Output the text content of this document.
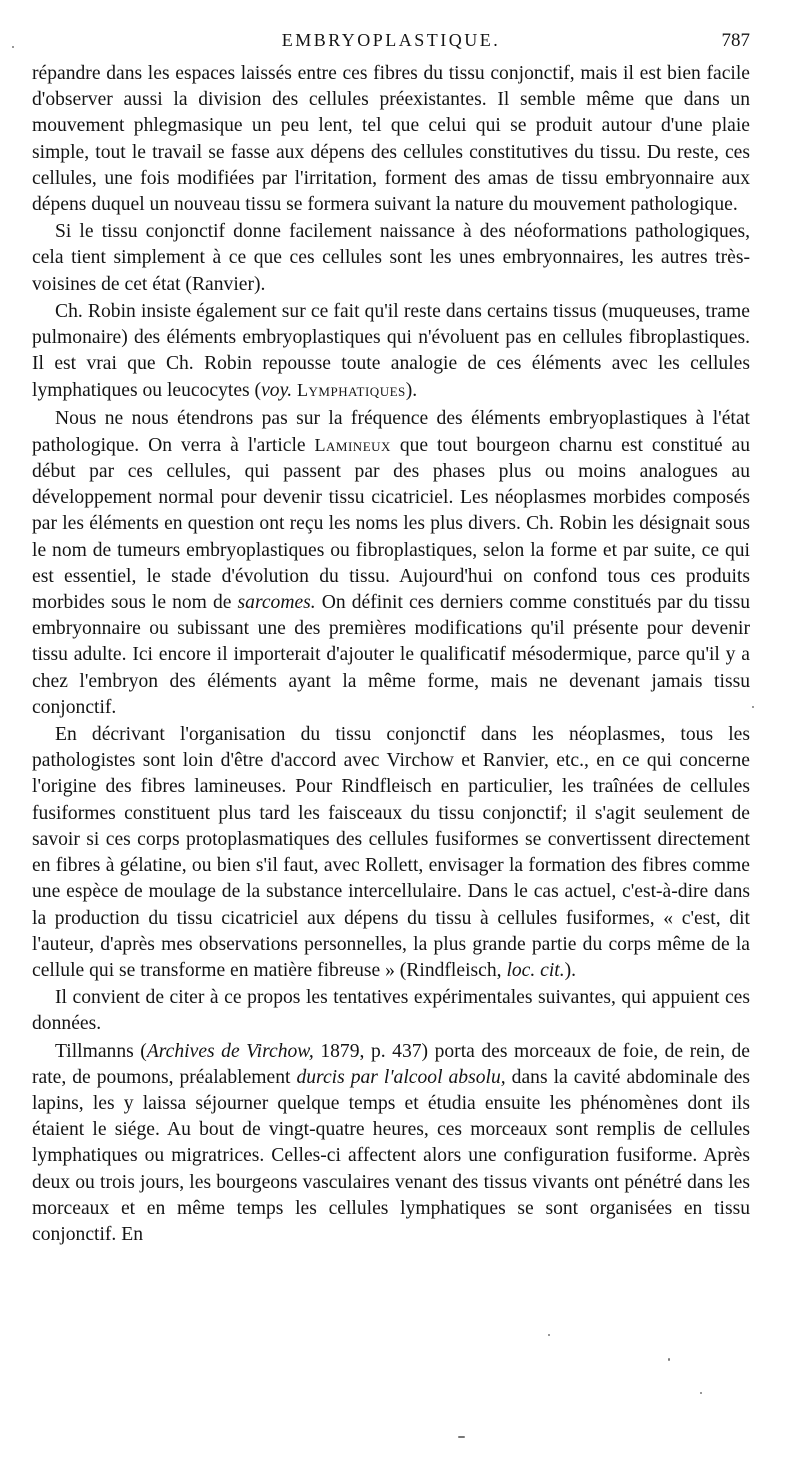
EMBRYOPLASTIQUE.	787

répandre dans les espaces laissés entre ces fibres du tissu conjonctif, mais il est bien facile d'observer aussi la division des cellules préexistantes. Il semble même que dans un mouvement phlegmasique un peu lent, tel que celui qui se produit autour d'une plaie simple, tout le travail se fasse aux dépens des cellules constitutives du tissu. Du reste, ces cellules, une fois modifiées par l'irritation, forment des amas de tissu embryonnaire aux dépens duquel un nouveau tissu se formera suivant la nature du mouvement pathologique.

Si le tissu conjonctif donne facilement naissance à des néoformations pathologiques, cela tient simplement à ce que ces cellules sont les unes embryonnaires, les autres très-voisines de cet état (Ranvier).

Ch. Robin insiste également sur ce fait qu'il reste dans certains tissus (muqueuses, trame pulmonaire) des éléments embryoplastiques qui n'évoluent pas en cellules fibroplastiques. Il est vrai que Ch. Robin repousse toute analogie de ces éléments avec les cellules lymphatiques ou leucocytes (voy. Lymphatiques).

Nous ne nous étendrons pas sur la fréquence des éléments embryoplastiques à l'état pathologique. On verra à l'article Lamineux que tout bourgeon charnu est constitué au début par ces cellules, qui passent par des phases plus ou moins analogues au développement normal pour devenir tissu cicatriciel. Les néoplasmes morbides composés par les éléments en question ont reçu les noms les plus divers. Ch. Robin les désignait sous le nom de tumeurs embryoplastiques ou fibroplastiques, selon la forme et par suite, ce qui est essentiel, le stade d'évolution du tissu. Aujourd'hui on confond tous ces produits morbides sous le nom de sarcomes. On définit ces derniers comme constitués par du tissu embryonnaire ou subissant une des premières modifications qu'il présente pour devenir tissu adulte. Ici encore il importerait d'ajouter le qualificatif mésodermique, parce qu'il y a chez l'embryon des éléments ayant la même forme, mais ne devenant jamais tissu conjonctif.

En décrivant l'organisation du tissu conjonctif dans les néoplasmes, tous les pathologistes sont loin d'être d'accord avec Virchow et Ranvier, etc., en ce qui concerne l'origine des fibres lamineuses. Pour Rindfleisch en particulier, les traînées de cellules fusiformes constituent plus tard les faisceaux du tissu conjonctif; il s'agit seulement de savoir si ces corps protoplasmatiques des cellules fusiformes se convertissent directement en fibres à gélatine, ou bien s'il faut, avec Rollett, envisager la formation des fibres comme une espèce de moulage de la substance intercellulaire. Dans le cas actuel, c'est-à-dire dans la production du tissu cicatriciel aux dépens du tissu à cellules fusiformes, « c'est, dit l'auteur, d'après mes observations personnelles, la plus grande partie du corps même de la cellule qui se transforme en matière fibreuse » (Rindfleisch, loc. cit.).

Il convient de citer à ce propos les tentatives expérimentales suivantes, qui appuient ces données.

Tillmanns (Archives de Virchow, 1879, p. 437) porta des morceaux de foie, de rein, de rate, de poumons, préalablement durcis par l'alcool absolu, dans la cavité abdominale des lapins, les y laissa séjourner quelque temps et étudia ensuite les phénomènes dont ils étaient le siége. Au bout de vingt-quatre heures, ces morceaux sont remplis de cellules lymphatiques ou migratrices. Celles-ci affectent alors une configuration fusiforme. Après deux ou trois jours, les bourgeons vasculaires venant des tissus vivants ont pénétré dans les morceaux et en même temps les cellules lymphatiques se sont organisées en tissu conjonctif. En
